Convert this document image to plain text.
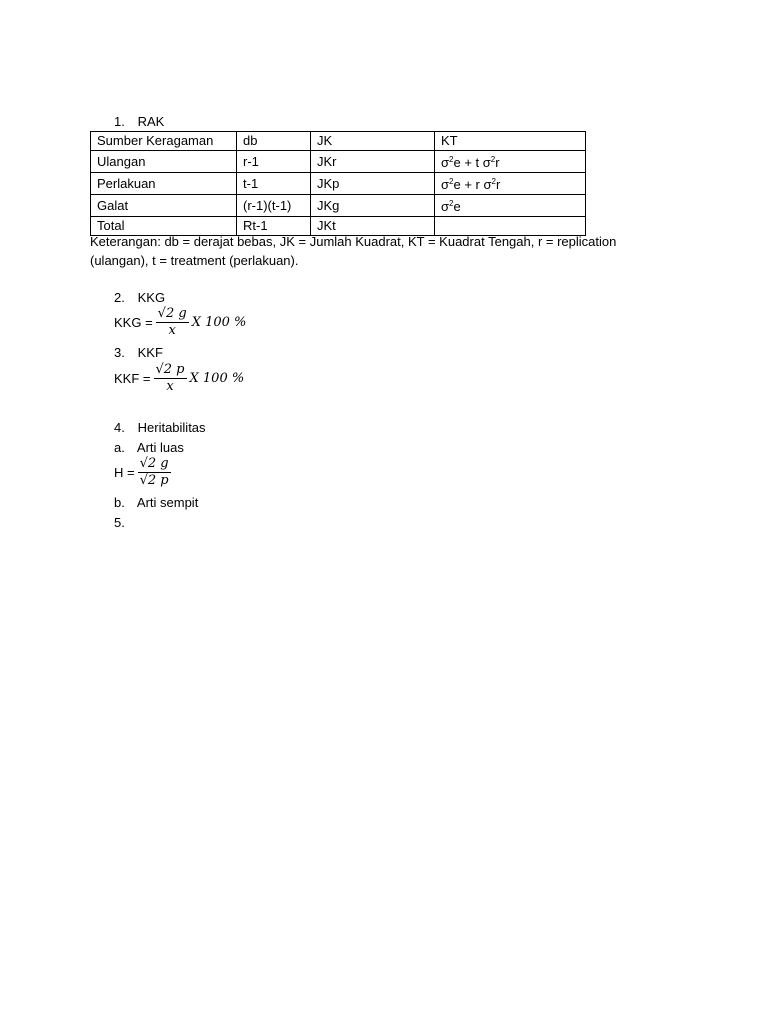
1. RAK
Sumber Keragaman	db	JK	KT
Ulangan	r-1	JKr	$\sigma^2e + t$ $\sigma^2r$
Perlakuan	t-1	JKp	$\sigma^2e + r$ $\sigma^2r$
Galat	(r-1)(t-1)	JKg	$\sigma^2e$
Total	Rt-1	JKt	
Keterangan: db = derajat bebas, JK = Jumlah Kuadrat, KT = Kuadrat Tengah, r = replication
(ulangan), t = treatment (perlakuan).
2. KKG
KKG = $\frac{√2 g}{x}$ X 100 %
3. KKF
KKF = $\frac{√2 p}{x}$ X 100 %
4. Heritabilitas
a. Arti luas
$H = \frac{√2 g}{√2 p}$
b. Arti sempit
5.
